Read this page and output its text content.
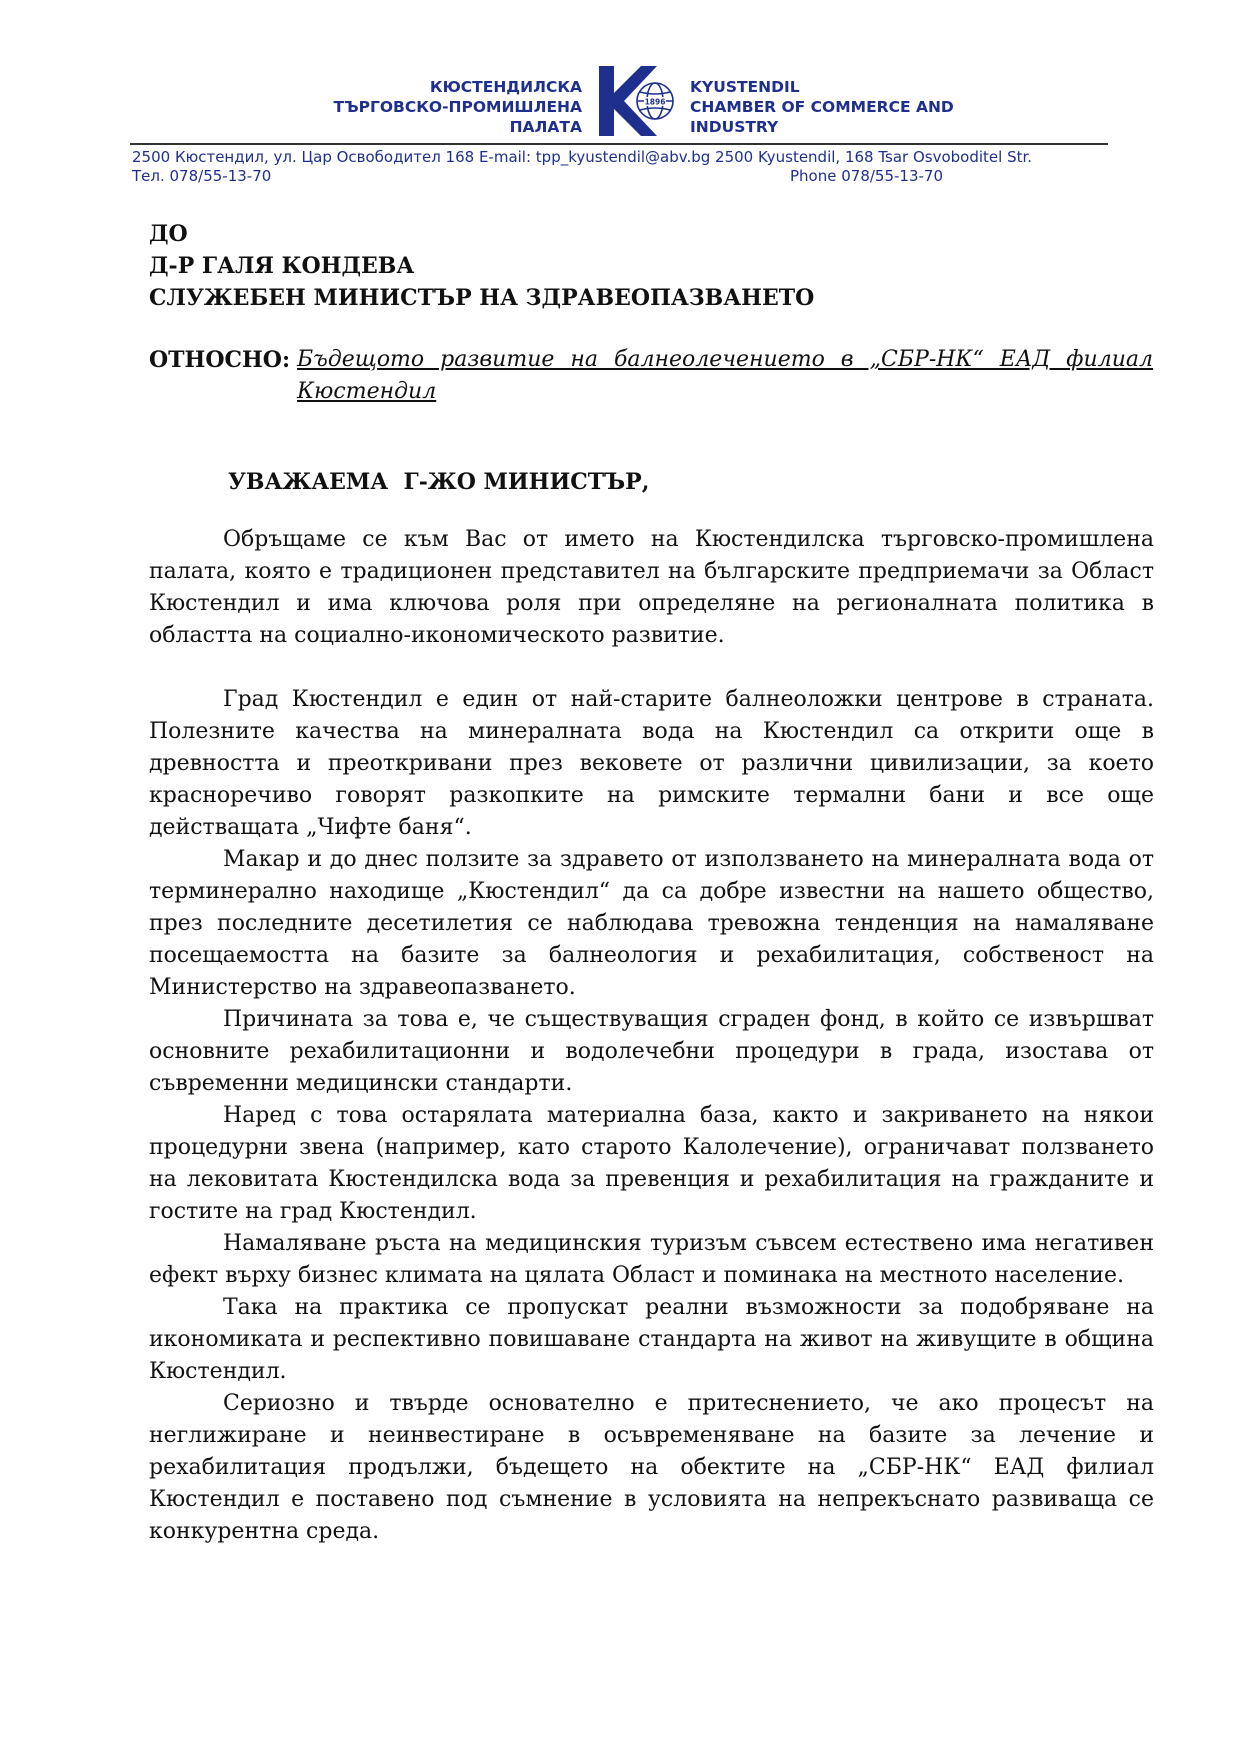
КЮСТЕНДИЛСКА
ТЪРГОВСКО-ПРОМИШЛЕНА
ПАЛАТА
1896
KYUSTENDIL
CHAMBER OF COMMERCE AND
INDUSTRY
2500 Кюстендил, ул. Цар Освободител 168 E-mail: tpp_kyustendil@abv.bg 2500 Kyustendil, 168 Tsar Osvoboditel Str.
Тел. 078/55-13-70	Phone 078/55-13-70
ДО
Д-Р ГАЛЯ КОНДЕВА
СЛУЖЕБЕН МИНИСТЪР НА ЗДРАВЕОПАЗВАНЕТО
ОТНОСНО: Бъдещото развитие на балнеолечението в „СБР-НК“ ЕАД филиал Кюстендил
УВАЖАЕМА  Г-ЖО МИНИСТЪР,

Обръщаме се към Вас от името на Кюстендилска търговско-промишлена палата, която е традиционен представител на българските предприемачи за Област Кюстендил и има ключова роля при определяне на регионалната политика в областта на социално-икономическото развитие.

Град Кюстендил е един от най-старите балнеоложки центрове в страната. Полезните качества на минералната вода на Кюстендил са открити още в древността и преоткривани през вековете от различни цивилизации, за което красноречиво говорят разкопките на римските термални бани и все още действащата „Чифте баня“.

Макар и до днес ползите за здравето от използването на минералната вода от терминерално находище „Кюстендил“ да са добре известни на нашето общество, през последните десетилетия се наблюдава тревожна тенденция на намаляване посещаемостта на базите за балнеология и рехабилитация, собственост на Министерство на здравеопазването.

Причината за това е, че съществуващия сграден фонд, в който се извършват основните рехабилитационни и водолечебни процедури в града, изостава от съвременни медицински стандарти.

Наред с това остарялата материална база, както и закриването на някои процедурни звена (например, като старото Калолечение), ограничават ползването на лековитата Кюстендилска вода за превенция и рехабилитация на гражданите и гостите на град Кюстендил.

Намаляване ръста на медицинския туризъм съвсем естествено има негативен ефект върху бизнес климата на цялата Област и поминака на местното население.

Така на практика се пропускат реални възможности за подобряване на икономиката и респективно повишаване стандарта на живот на живущите в община Кюстендил.

Сериозно и твърде основателно е притеснението, че ако процесът на неглижиране и неинвестиране в осъвременяване на базите за лечение и рехабилитация продължи, бъдещето на обектите на „СБР-НК“ ЕАД филиал Кюстендил е поставено под съмнение в условията на непрекъснато развиваща се конкурентна среда.
